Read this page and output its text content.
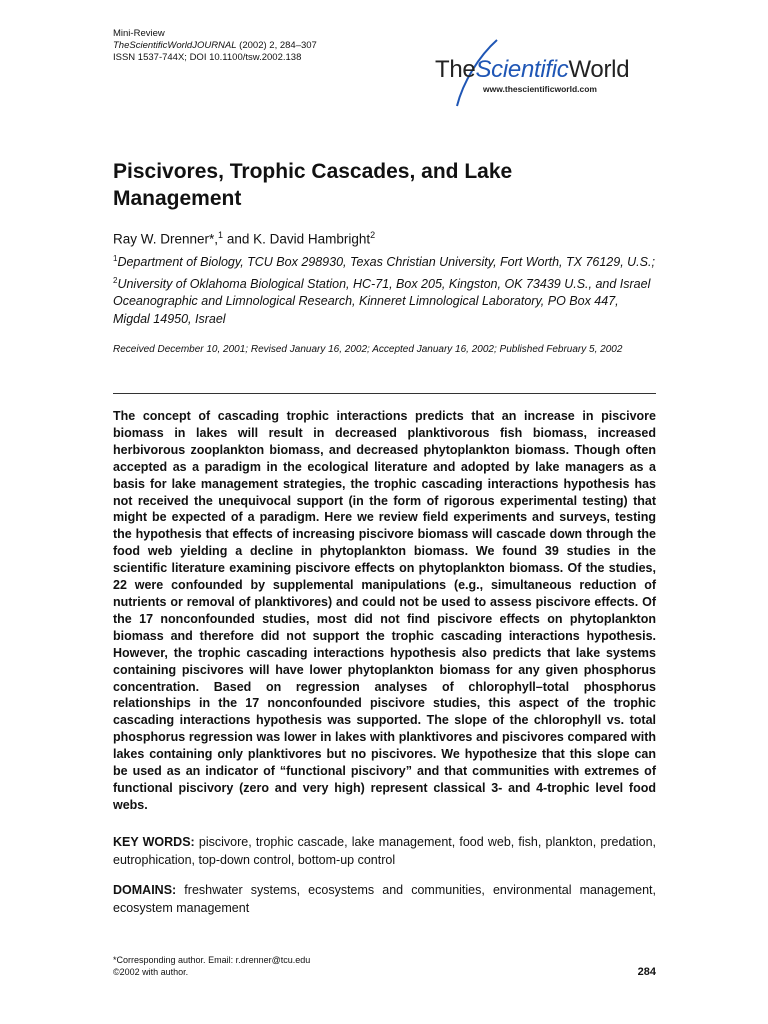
Mini-Review
TheScientificWorldJOURNAL (2002) 2, 284–307
ISSN 1537-744X; DOI 10.1100/tsw.2002.138	TheScientificWorld
www.thescientificworld.com
Piscivores, Trophic Cascades, and Lake Management
Ray W. Drenner*,$^1$ and K. David Hambright$^2$
$^1$Department of Biology, TCU Box 298930, Texas Christian University, Fort Worth, TX 76129, U.S.; $^2$University of Oklahoma Biological Station, HC-71, Box 205, Kingston, OK 73439 U.S., and Israel Oceanographic and Limnological Research, Kinneret Limnological Laboratory, PO Box 447, Migdal 14950, Israel
Received December 10, 2001; Revised January 16, 2002; Accepted January 16, 2002; Published February 5, 2002

The concept of cascading trophic interactions predicts that an increase in piscivore biomass in lakes will result in decreased planktivorous fish biomass, increased herbivorous zooplankton biomass, and decreased phytoplankton biomass. Though often accepted as a paradigm in the ecological literature and adopted by lake managers as a basis for lake management strategies, the trophic cascading interactions hypothesis has not received the unequivocal support (in the form of rigorous experimental testing) that might be expected of a paradigm. Here we review field experiments and surveys, testing the hypothesis that effects of increasing piscivore biomass will cascade down through the food web yielding a decline in phytoplankton biomass. We found 39 studies in the scientific literature examining piscivore effects on phytoplankton biomass. Of the studies, 22 were confounded by supplemental manipulations (e.g., simultaneous reduction of nutrients or removal of planktivores) and could not be used to assess piscivore effects. Of the 17 nonconfounded studies, most did not find piscivore effects on phytoplankton biomass and therefore did not support the trophic cascading interactions hypothesis. However, the trophic cascading interactions hypothesis also predicts that lake systems containing piscivores will have lower phytoplankton biomass for any given phosphorus concentration. Based on regression analyses of chlorophyll–total phosphorus relationships in the 17 nonconfounded piscivore studies, this aspect of the trophic cascading interactions hypothesis was supported. The slope of the chlorophyll vs. total phosphorus regression was lower in lakes with planktivores and piscivores compared with lakes containing only planktivores but no piscivores. We hypothesize that this slope can be used as an indicator of “functional piscivory” and that communities with extremes of functional piscivory (zero and very high) represent classical 3- and 4-trophic level food webs.

KEY WORDS: piscivore, trophic cascade, lake management, food web, fish, plankton, predation, eutrophication, top-down control, bottom-up control

DOMAINS: freshwater systems, ecosystems and communities, environmental management, ecosystem management

*Corresponding author. Email: r.drenner@tcu.edu
©2002 with author.	284
